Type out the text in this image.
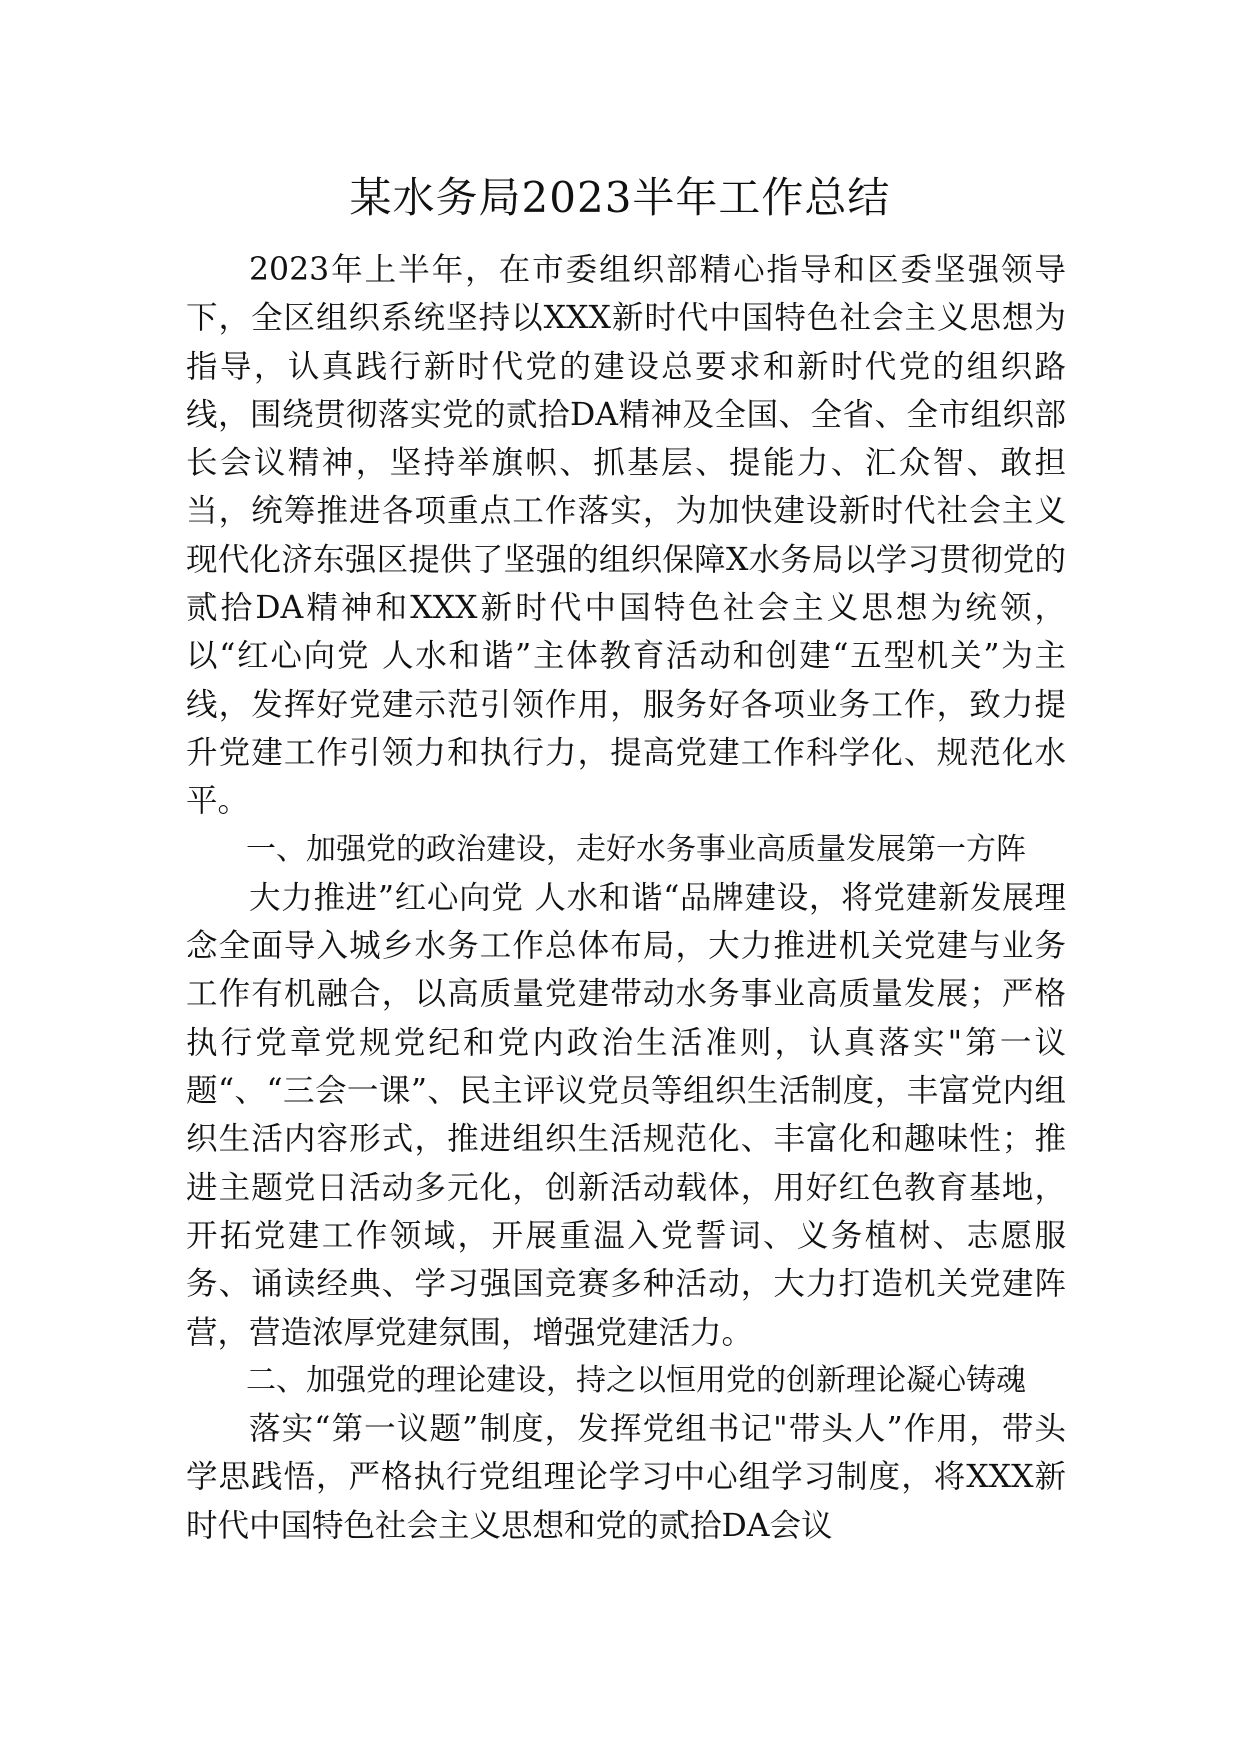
某水务局2023半年工作总结

2023年上半年，在市委组织部精心指导和区委坚强领导下，全区组织系统坚持以XXX新时代中国特色社会主义思想为指导，认真践行新时代党的建设总要求和新时代党的组织路线，围绕贯彻落实党的贰拾DA精神及全国、全省、全市组织部长会议精神，坚持举旗帜、抓基层、提能力、汇众智、敢担当，统筹推进各项重点工作落实，为加快建设新时代社会主义现代化济东强区提供了坚强的组织保障X水务局以学习贯彻党的贰拾DA精神和XXX新时代中国特色社会主义思想为统领，以“红心向党 人水和谐”主体教育活动和创建“五型机关”为主线，发挥好党建示范引领作用，服务好各项业务工作，致力提升党建工作引领力和执行力，提高党建工作科学化、规范化水平。

一、加强党的政治建设，走好水务事业高质量发展第一方阵

大力推进”红心向党 人水和谐“品牌建设，将党建新发展理念全面导入城乡水务工作总体布局，大力推进机关党建与业务工作有机融合，以高质量党建带动水务事业高质量发展；严格执行党章党规党纪和党内政治生活准则，认真落实"第一议题“、“三会一课”、民主评议党员等组织生活制度，丰富党内组织生活内容形式，推进组织生活规范化、丰富化和趣味性；推进主题党日活动多元化，创新活动载体，用好红色教育基地，开拓党建工作领域，开展重温入党誓词、义务植树、志愿服务、诵读经典、学习强国竞赛多种活动，大力打造机关党建阵营，营造浓厚党建氛围，增强党建活力。

二、加强党的理论建设，持之以恒用党的创新理论凝心铸魂

落实“第一议题”制度，发挥党组书记"带头人”作用，带头学思践悟，严格执行党组理论学习中心组学习制度，将XXX新时代中国特色社会主义思想和党的贰拾DA会议
